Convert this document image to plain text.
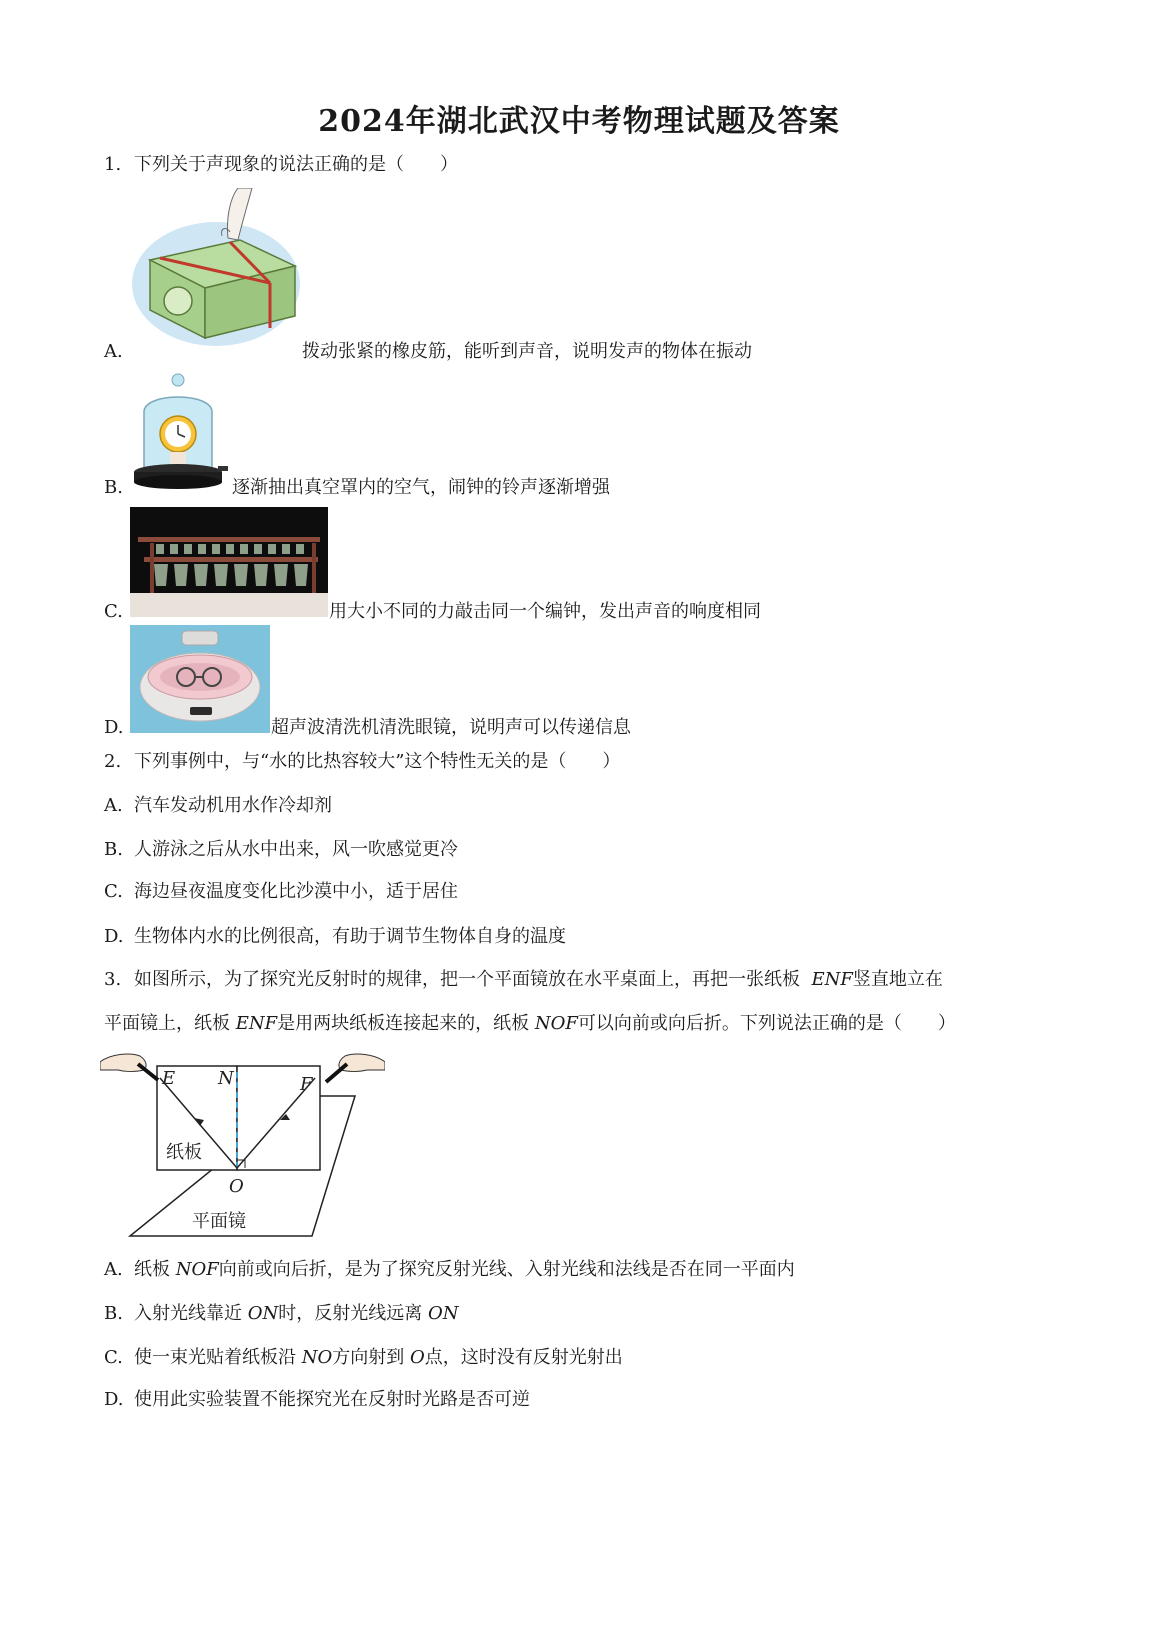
2024年湖北武汉中考物理试题及答案
1. 下列关于声现象的说法正确的是（　　）
A.	拨动张紧的橡皮筋，能听到声音，说明发声的物体在振动
B.	逐渐抽出真空罩内的空气，闹钟的铃声逐渐增强
C.	用大小不同的力敲击同一个编钟，发出声音的响度相同
D.	超声波清洗机清洗眼镜，说明声可以传递信息
2. 下列事例中，与“水的比热容较大”这个特性无关的是（　　）
A. 汽车发动机用水作冷却剂
B. 人游泳之后从水中出来，风一吹感觉更冷
C. 海边昼夜温度变化比沙漠中小，适于居住
D. 生物体内水的比例很高，有助于调节生物体自身的温度
3. 如图所示，为了探究光反射时的规律，把一个平面镜放在水平桌面上，再把一张纸板 ENF竖直地立在
平面镜上，纸板 ENF是用两块纸板连接起来的，纸板 NOF可以向前或向后折。下列说法正确的是（　　）
E N	F
O
纸板
平面镜
A. 纸板 NOF向前或向后折，是为了探究反射光线、入射光线和法线是否在同一平面内
B. 入射光线靠近 ON时，反射光线远离 ON
C. 使一束光贴着纸板沿 NO方向射到 O点，这时没有反射光射出
D. 使用此实验装置不能探究光在反射时光路是否可逆
